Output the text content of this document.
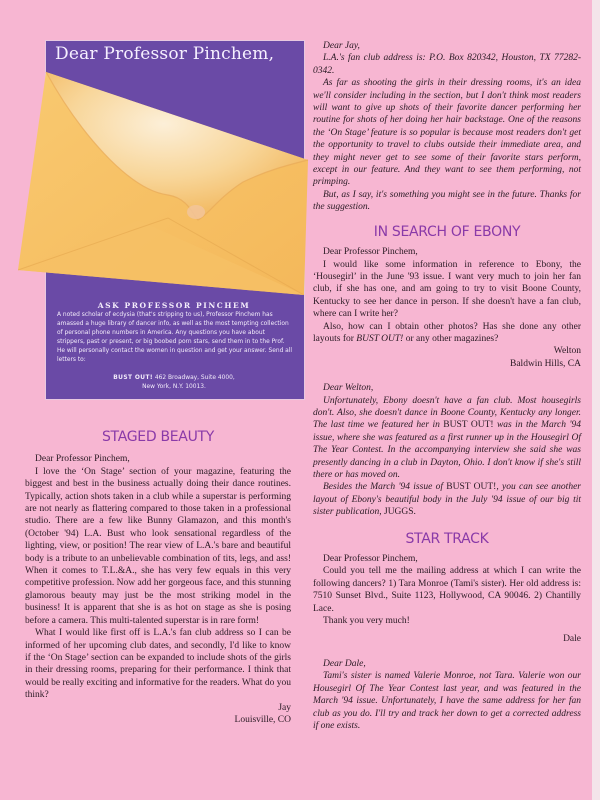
Dear Professor Pinchem,
ASK PROFESSOR PINCHEM
A noted scholar of ecdysia (that's stripping to us), Professor Pinchem has amassed a huge library of dancer info, as well as the most tempting collection of personal phone numbers in America. Any questions you have about strippers, past or present, or big boobed porn stars, send them in to the Prof. He will personally contact the women in question and get your answer. Send all letters to:
BUST OUT! 462 Broadway, Suite 4000,
New York, N.Y. 10013.

STAGED BEAUTY

Dear Professor Pinchem,

I love the ‘On Stage’ section of your magazine, featuring the biggest and best in the business actually doing their dance routines. Typically, action shots taken in a club while a superstar is performing are not nearly as flattering compared to those taken in a professional studio. There are a few like Bunny Glamazon, and this month's (October '94) L.A. Bust who look sensational regardless of the lighting, view, or position! The rear view of L.A.'s bare and beautiful body is a tribute to an unbelievable combination of tits, legs, and ass! When it comes to T.L.&A., she has very few equals in this very competitive profession. Now add her gorgeous face, and this stunning glamorous beauty may just be the most striking model in the business! It is apparent that she is as hot on stage as she is posing before a camera. This multi-talented superstar is in rare form!

What I would like first off is L.A.'s fan club address so I can be informed of her upcoming club dates, and secondly, I'd like to know if the ‘On Stage’ section can be expanded to include shots of the girls in their dressing rooms, preparing for their performance. I think that would be really exciting and informative for the readers. What do you think?

Jay

Louisville, CO

Dear Jay,

L.A.'s fan club address is: P.O. Box 820342, Houston, TX 77282-0342.

As far as shooting the girls in their dressing rooms, it's an idea we'll consider including in the section, but I don't think most readers will want to give up shots of their favorite dancer performing her routine for shots of her doing her hair backstage. One of the reasons the ‘On Stage’ feature is so popular is because most readers don't get the opportunity to travel to clubs outside their immediate area, and they might never get to see some of their favorite stars perform, except in our feature. And they want to see them performing, not primping.

But, as I say, it's something you might see in the future. Thanks for the suggestion.

IN SEARCH OF EBONY

Dear Professor Pinchem,

I would like some information in reference to Ebony, the ‘Housegirl’ in the June '93 issue. I want very much to join her fan club, if she has one, and am going to try to visit Boone County, Kentucky to see her dance in person. If she doesn't have a fan club, where can I write her?

Also, how can I obtain other photos? Has she done any other layouts for BUST OUT! or any other magazines?

Welton

Baldwin Hills, CA

Dear Welton,

Unfortunately, Ebony doesn't have a fan club. Most housegirls don't. Also, she doesn't dance in Boone County, Kentucky any longer. The last time we featured her in BUST OUT! was in the March '94 issue, where she was featured as a first runner up in the Housegirl Of The Year Contest. In the accompanying interview she said she was presently dancing in a club in Dayton, Ohio. I don't know if she's still there or has moved on.

Besides the March '94 issue of BUST OUT!, you can see another layout of Ebony's beautiful body in the July '94 issue of our big tit sister publication, JUGGS.

STAR TRACK

Dear Professor Pinchem,

Could you tell me the mailing address at which I can write the following dancers? 1) Tara Monroe (Tami's sister). Her old address is: 7510 Sunset Blvd., Suite 1123, Hollywood, CA 90046. 2) Chantilly Lace.

Thank you very much!

Dale

Dear Dale,

Tami's sister is named Valerie Monroe, not Tara. Valerie won our Housegirl Of The Year Contest last year, and was featured in the March '94 issue. Unfortunately, I have the same address for her fan club as you do. I'll try and track her down to get a corrected address if one exists.
